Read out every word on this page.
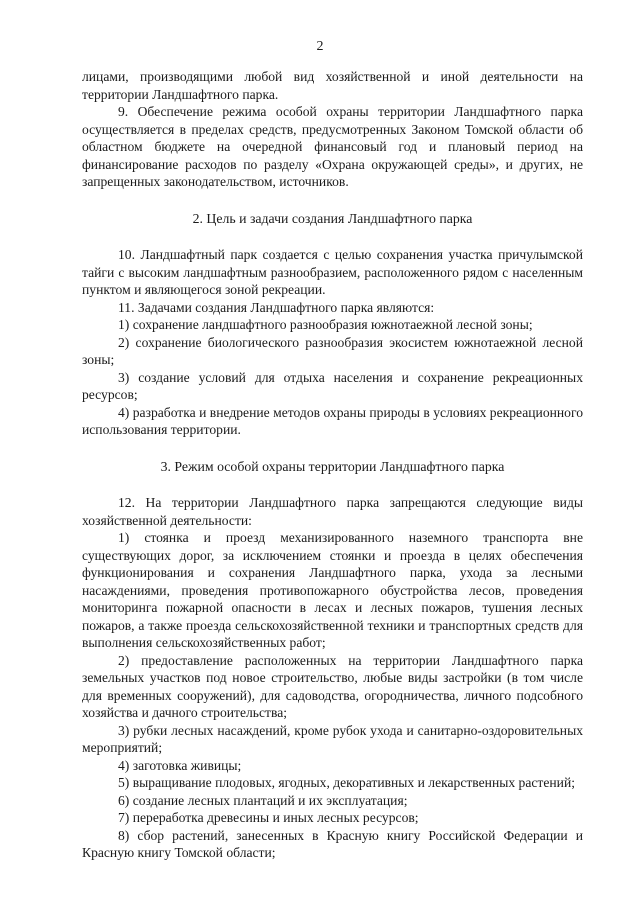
2

лицами, производящими любой вид хозяйственной и иной деятельности на территории Ландшафтного парка.

9. Обеспечение режима особой охраны территории Ландшафтного парка осуществляется в пределах средств, предусмотренных Законом Томской области об областном бюджете на очередной финансовый год и плановый период на финансирование расходов по разделу «Охрана окружающей среды», и других, не запрещенных законодательством, источников.

2. Цель и задачи создания Ландшафтного парка

10. Ландшафтный парк создается с целью сохранения участка причулымской тайги с высоким ландшафтным разнообразием, расположенного рядом с населенным пунктом и являющегося зоной рекреации.

11. Задачами создания Ландшафтного парка являются:

1) сохранение ландшафтного разнообразия южнотаежной лесной зоны;

2) сохранение биологического разнообразия экосистем южнотаежной лесной зоны;

3) создание условий для отдыха населения и сохранение рекреационных ресурсов;

4) разработка и внедрение методов охраны природы в условиях рекреационного использования территории.

3. Режим особой охраны территории Ландшафтного парка

12. На территории Ландшафтного парка запрещаются следующие виды хозяйственной деятельности:

1) стоянка и проезд механизированного наземного транспорта вне существующих дорог, за исключением стоянки и проезда в целях обеспечения функционирования и сохранения Ландшафтного парка, ухода за лесными насаждениями, проведения противопожарного обустройства лесов, проведения мониторинга пожарной опасности в лесах и лесных пожаров, тушения лесных пожаров, а также проезда сельскохозяйственной техники и транспортных средств для выполнения сельскохозяйственных работ;

2) предоставление расположенных на территории Ландшафтного парка земельных участков под новое строительство, любые виды застройки (в том числе для временных сооружений), для садоводства, огородничества, личного подсобного хозяйства и дачного строительства;

3) рубки лесных насаждений, кроме рубок ухода и санитарно-оздоровительных мероприятий;

4) заготовка живицы;

5) выращивание плодовых, ягодных, декоративных и лекарственных растений;

6) создание лесных плантаций и их эксплуатация;

7) переработка древесины и иных лесных ресурсов;

8) сбор растений, занесенных в Красную книгу Российской Федерации и Красную книгу Томской области;
